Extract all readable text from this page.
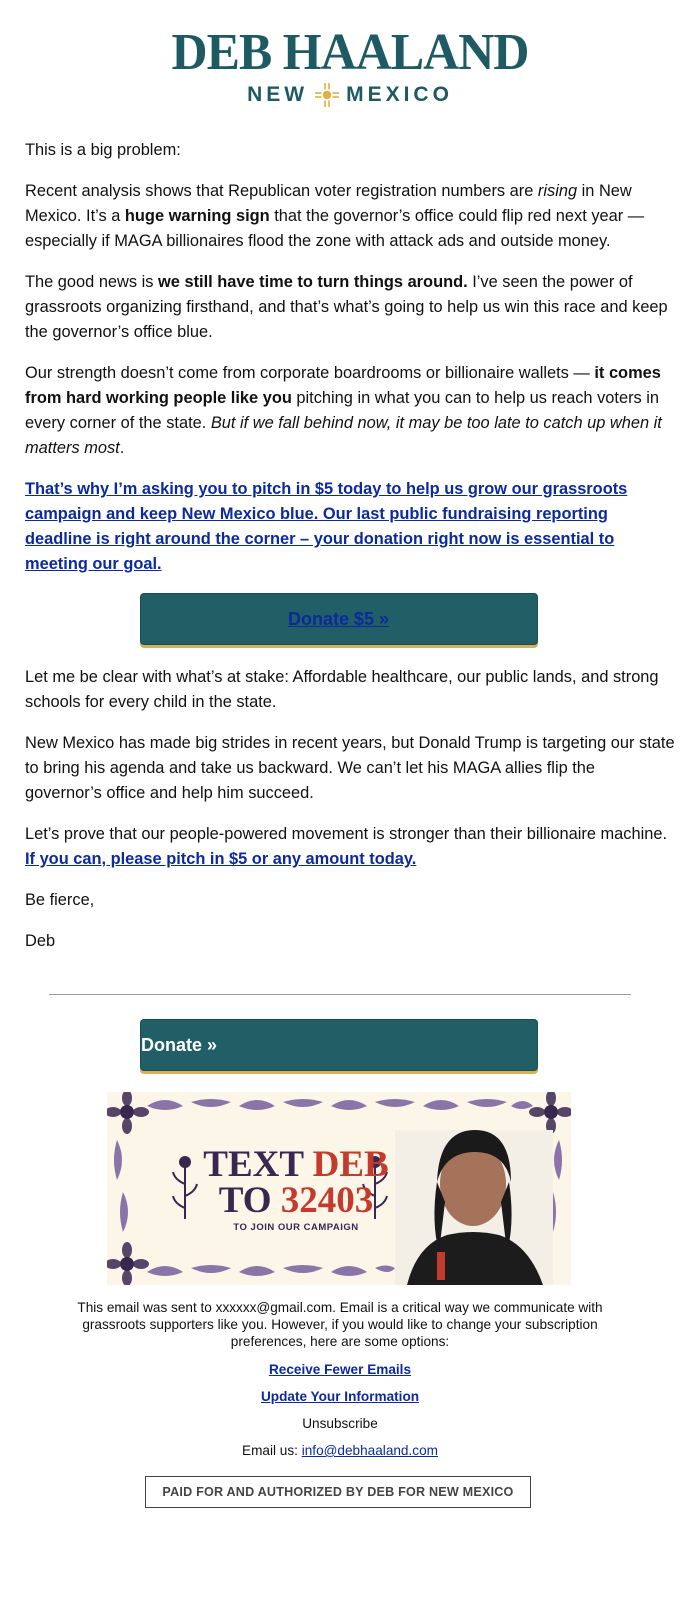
DEB HAALAND
NEW MEXICO

This is a big problem:

Recent analysis shows that Republican voter registration numbers are rising in New Mexico. It’s a huge warning sign that the governor’s office could flip red next year — especially if MAGA billionaires flood the zone with attack ads and outside money.

The good news is we still have time to turn things around. I’ve seen the power of grassroots organizing firsthand, and that’s what’s going to help us win this race and keep the governor’s office blue.

Our strength doesn’t come from corporate boardrooms or billionaire wallets — it comes from hard working people like you pitching in what you can to help us reach voters in every corner of the state. But if we fall behind now, it may be too late to catch up when it matters most.

That’s why I’m asking you to pitch in $5 today to help us grow our grassroots campaign and keep New Mexico blue. Our last public fundraising reporting deadline is right around the corner – your donation right now is essential to meeting our goal.

Donate $5 »

Let me be clear with what’s at stake: Affordable healthcare, our public lands, and strong schools for every child in the state.

New Mexico has made big strides in recent years, but Donald Trump is targeting our state to bring his agenda and take us backward. We can’t let his MAGA allies flip the governor’s office and help him succeed.

Let’s prove that our people-powered movement is stronger than their billionaire machine. If you can, please pitch in $5 or any amount today.

Be fierce,

Deb

Donate »
TEXT DEB
TO 32403
TO JOIN OUR CAMPAIGN

This email was sent to xxxxxx@gmail.com. Email is a critical way we communicate with grassroots supporters like you. However, if you would like to change your subscription preferences, here are some options:

Receive Fewer Emails
Update Your Information
Unsubscribe
Email us: info@debhaaland.com
PAID FOR AND AUTHORIZED BY DEB FOR NEW MEXICO
